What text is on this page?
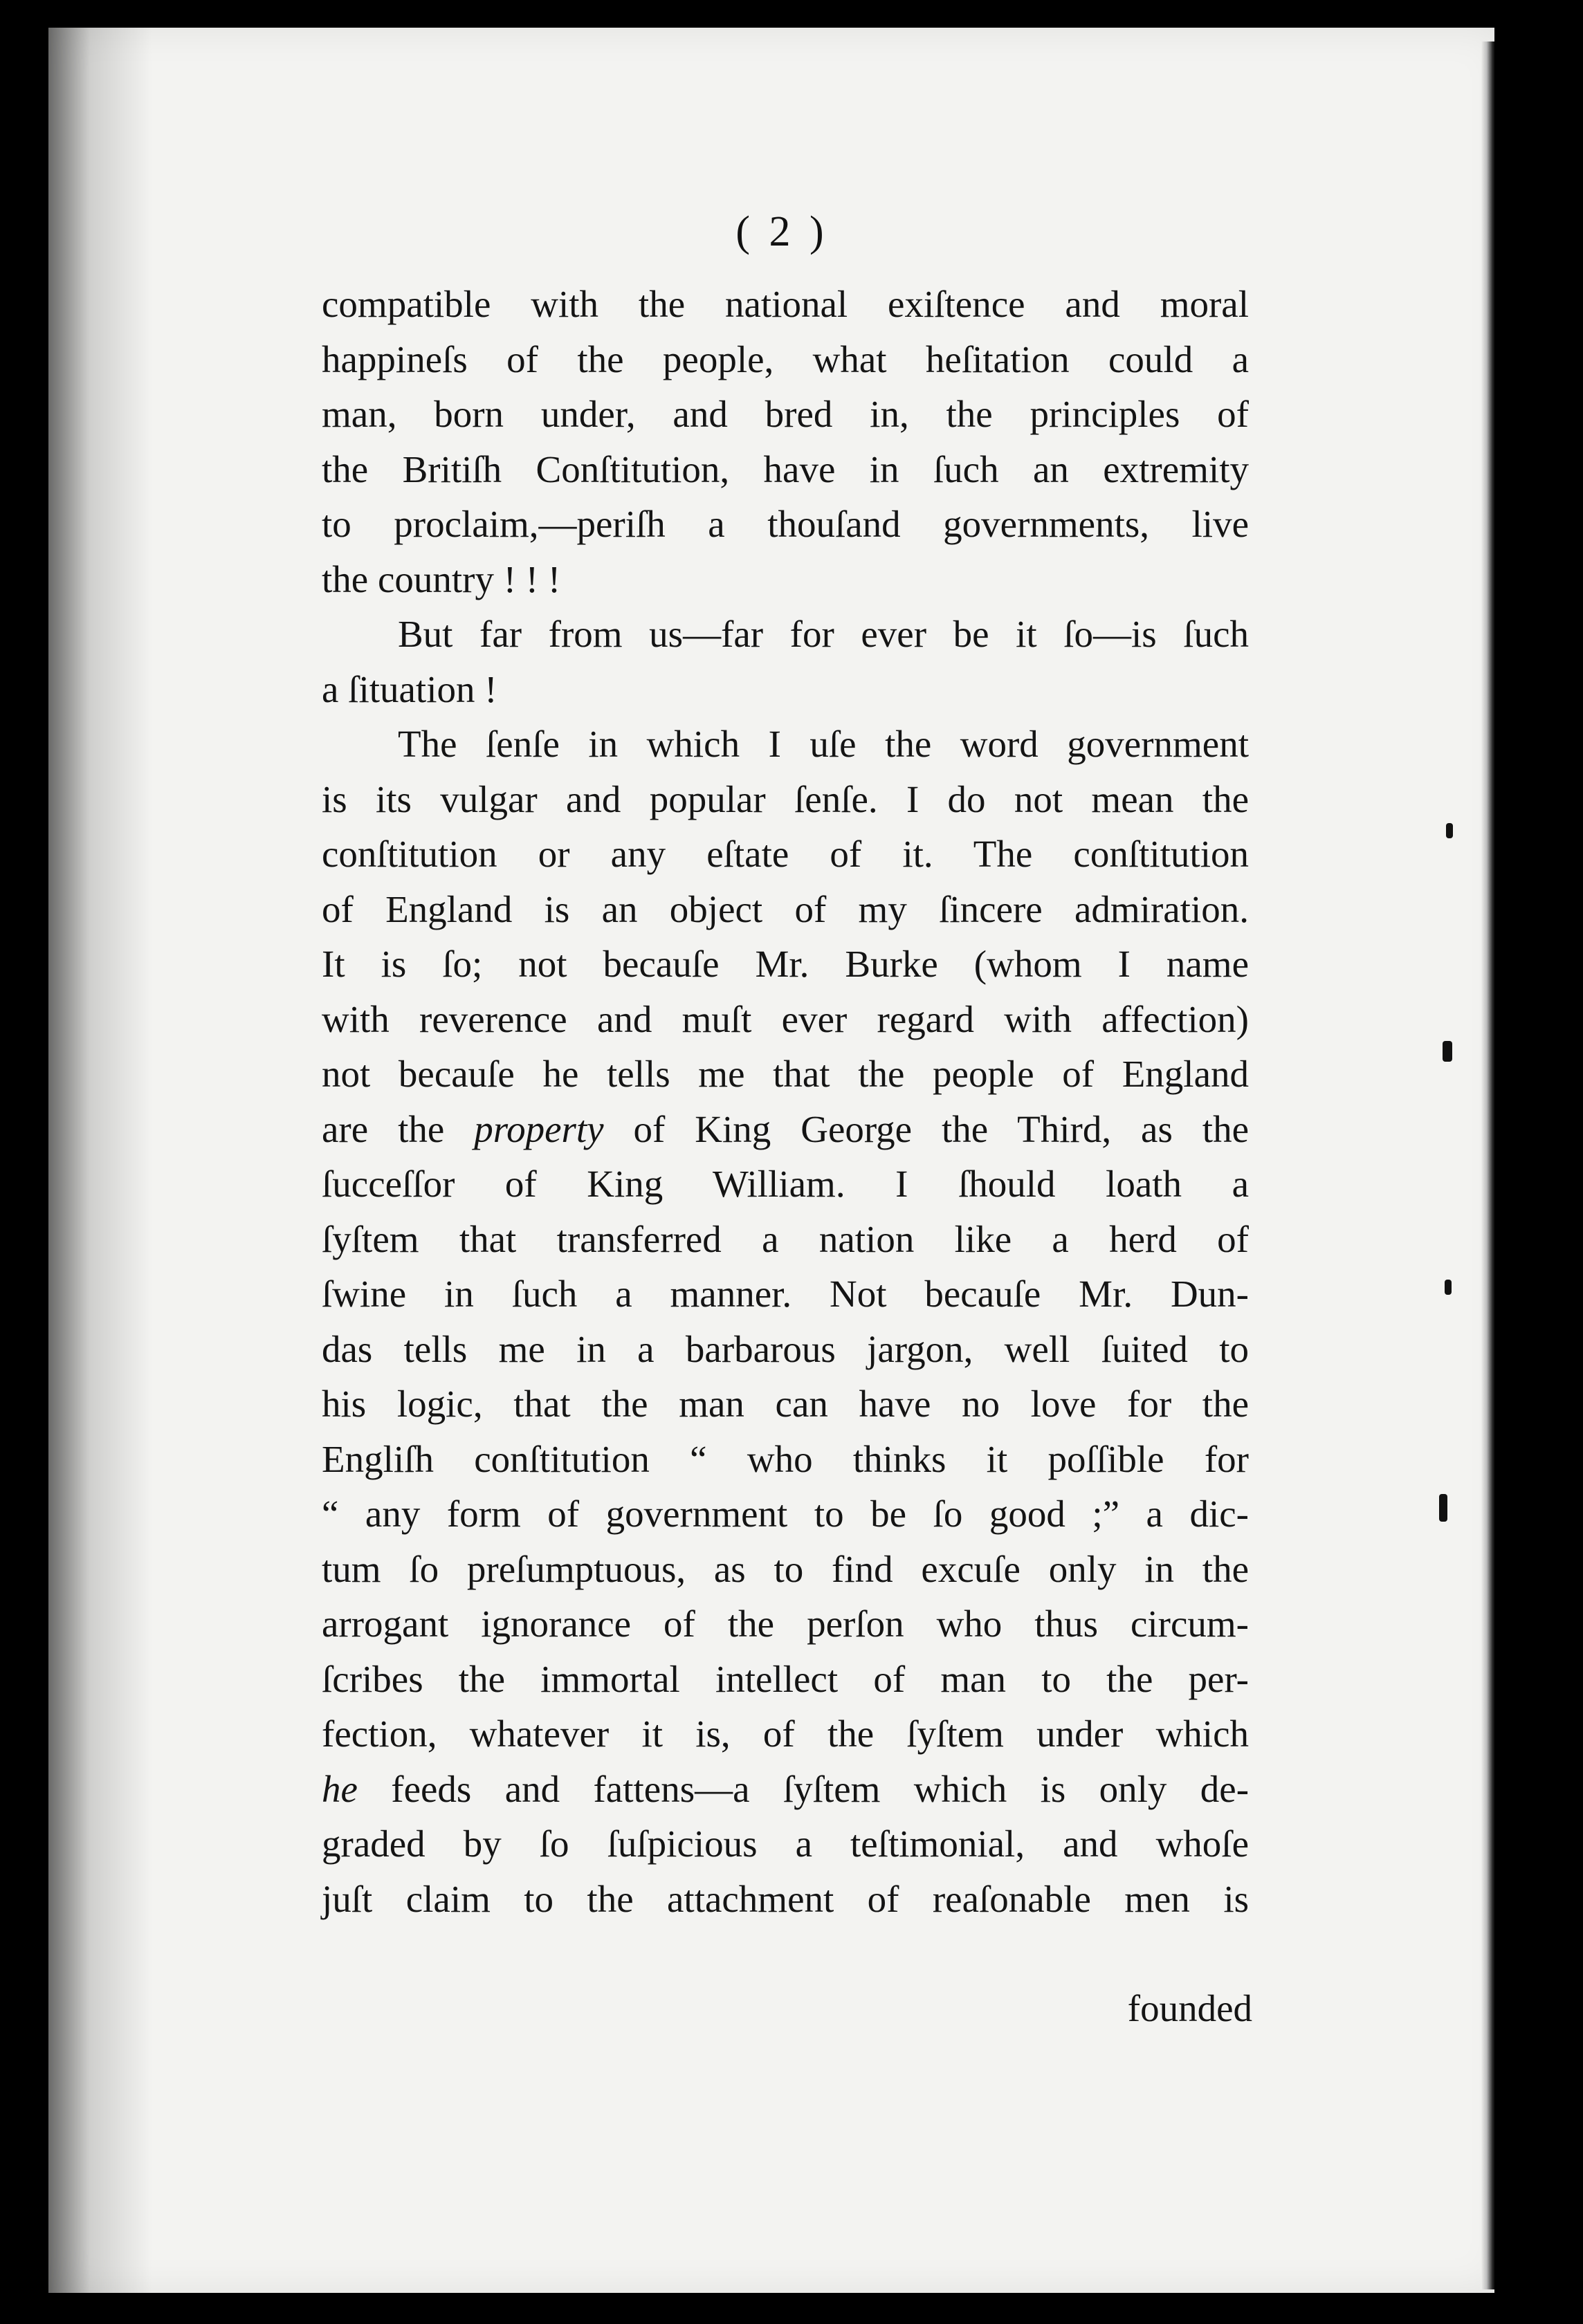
( 2 )

compatible with the national exiſtence and moral

happineſs of the people, what heſitation could a

man, born under, and bred in, the principles of

the Britiſh Conſtitution, have in ſuch an extremity

to proclaim,—periſh a thouſand governments, live

the country ! ! !

But far from us—far for ever be it ſo—is ſuch

a ſituation !

The ſenſe in which I uſe the word government

is its vulgar and popular ſenſe. I do not mean the

conſtitution or any eſtate of it. The conſtitution

of England is an object of my ſincere admiration.

It is ſo; not becauſe Mr. Burke (whom I name

with reverence and muſt ever regard with affection)

not becauſe he tells me that the people of England

are the property of King George the Third, as the

ſucceſſor of King William. I ſhould loath a

ſyſtem that transferred a nation like a herd of

ſwine in ſuch a manner. Not becauſe Mr. Dun-

das tells me in a barbarous jargon, well ſuited to

his logic, that the man can have no love for the

Engliſh conſtitution “ who thinks it poſſible for

“ any form of government to be ſo good ;” a dic-

tum ſo preſumptuous, as to find excuſe only in the

arrogant ignorance of the perſon who thus circum-

ſcribes the immortal intellect of man to the per-

fection, whatever it is, of the ſyſtem under which

he feeds and fattens—a ſyſtem which is only de-

graded by ſo ſuſpicious a teſtimonial, and whoſe

juſt claim to the attachment of reaſonable men is

founded
